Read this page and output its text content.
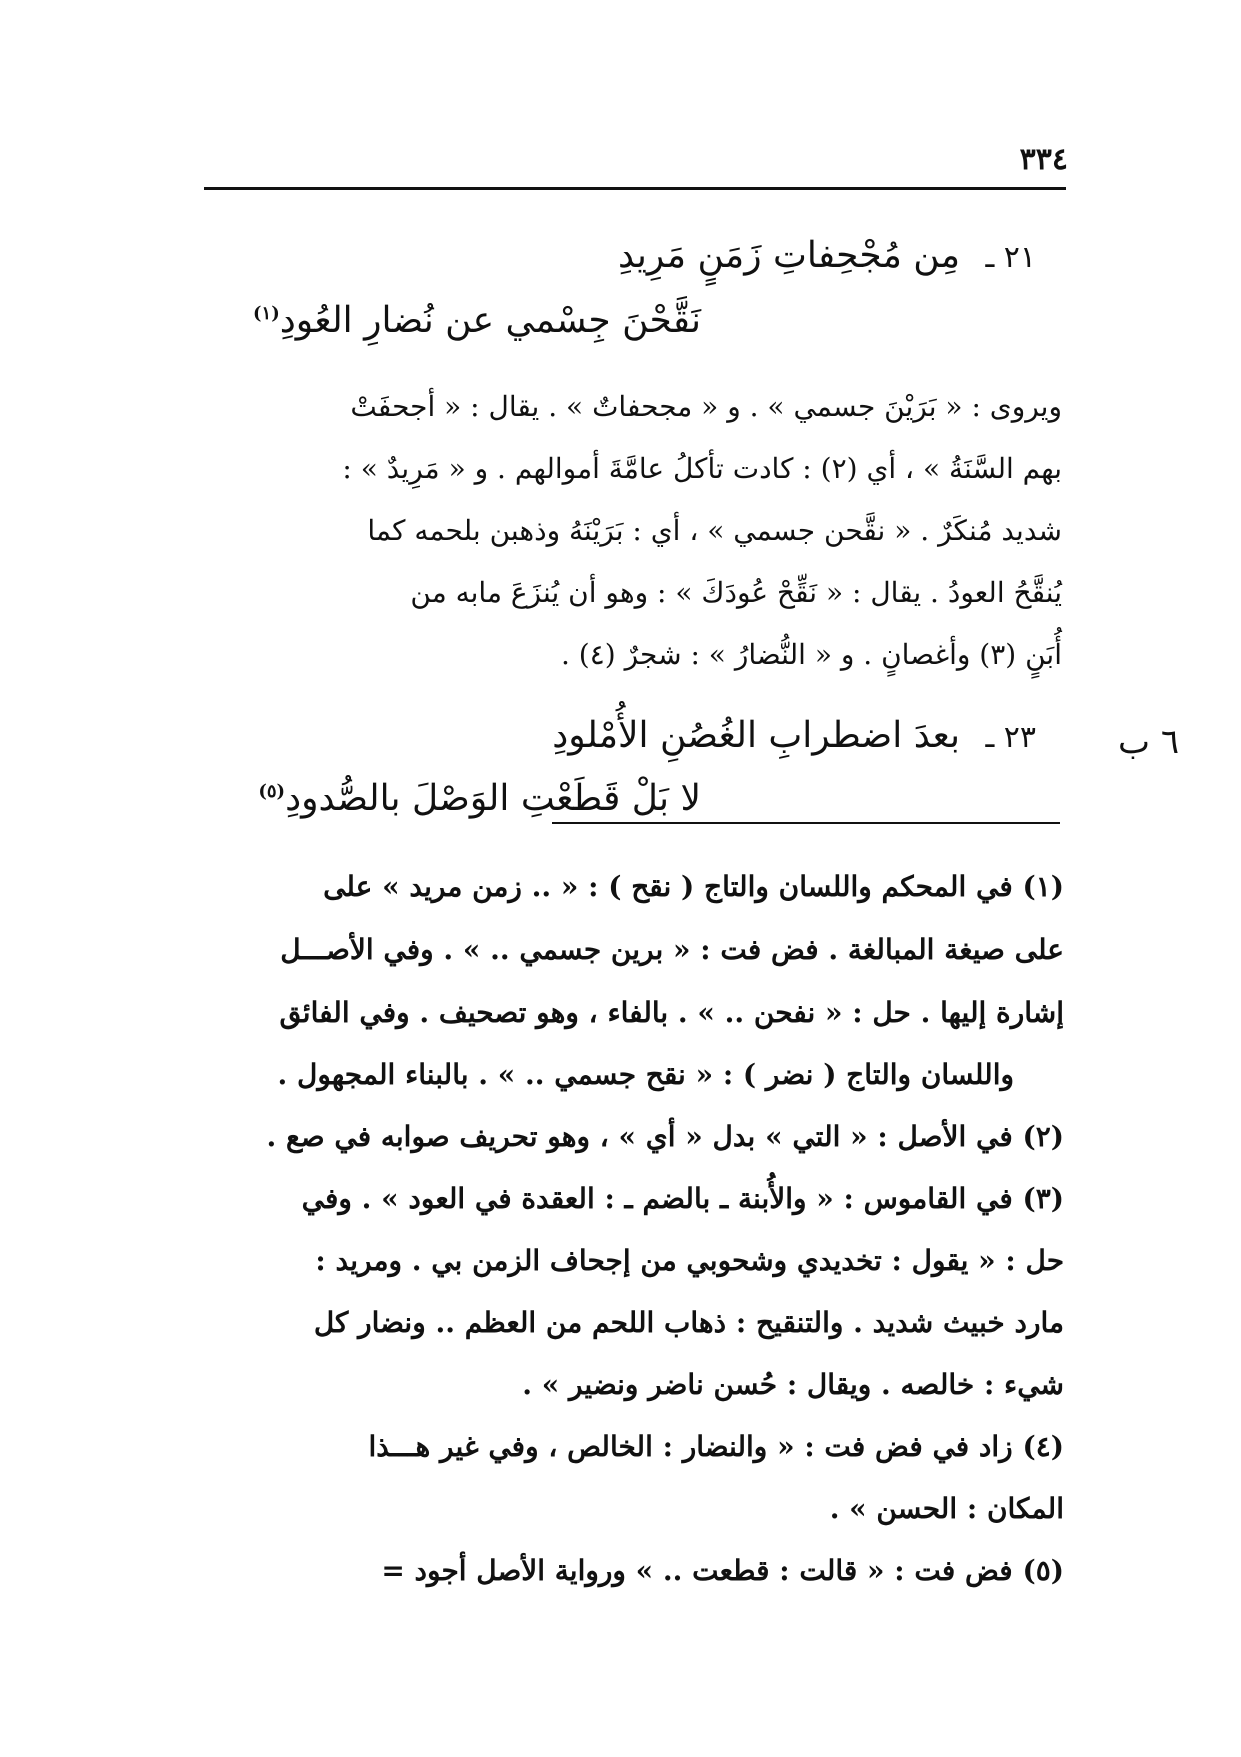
٣٣٤
٢١ ـ مِن مُجْحِفاتِ زَمَنٍ مَرِيدِ
نَقَّحْنَ جِسْمي عن نُضارِ العُودِ$^{(١)}$
ويروى : « بَرَيْنَ جسمي » . و « مجحفاتٌ » . يقال : « أجحفَتْ
بهم السَّنَةُ » ، أي (٢) : كادت تأكلُ عامَّةَ أموالهم . و « مَرِيدٌ » :
شديد مُنكَرٌ . « نقَّحن جسمي » ، أي : بَرَيْنَهُ وذهبن بلحمه كما
يُنقَّحُ العودُ . يقال : « نَقِّحْ عُودَكَ » : وهو أن يُنزَعَ مابه من
أُبَنٍ (٣) وأغصانٍ . و « النُّضارُ » : شجرٌ (٤) .
٦ ب
٢٣ ـ بعدَ اضطرابِ الغُصُنِ الأُمْلودِ
لا بَلْ قَطَعْتِ الوَصْلَ بالصُّدودِ$^{(٥)}$
(١) في المحكم واللسان والتاج ( نقح ) : « .. زمن مريد » على
على صيغة المبالغة . فض فت : « برين جسمي .. » . وفي الأصـــل
إشارة إليها . حل : « نفحن .. » . بالفاء ، وهو تصحيف . وفي الفائق
واللسان والتاج ( نضر ) : « نقح جسمي .. » . بالبناء المجهول .
(٢) في الأصل : « التي » بدل « أي » ، وهو تحريف صوابه في صع .
(٣) في القاموس : « والأُبنة ـ بالضم ـ : العقدة في العود » . وفي
حل : « يقول : تخديدي وشحوبي من إجحاف الزمن بي . ومريد :
مارد خبيث شديد . والتنقيح : ذهاب اللحم من العظم .. ونضار كل
شيء : خالصه . ويقال : حُسن ناضر ونضير » .
(٤) زاد في فض فت : « والنضار : الخالص ، وفي غير هـــذا
المكان : الحسن » .
(٥) فض فت : « قالت : قطعت .. » ورواية الأصل أجود =
